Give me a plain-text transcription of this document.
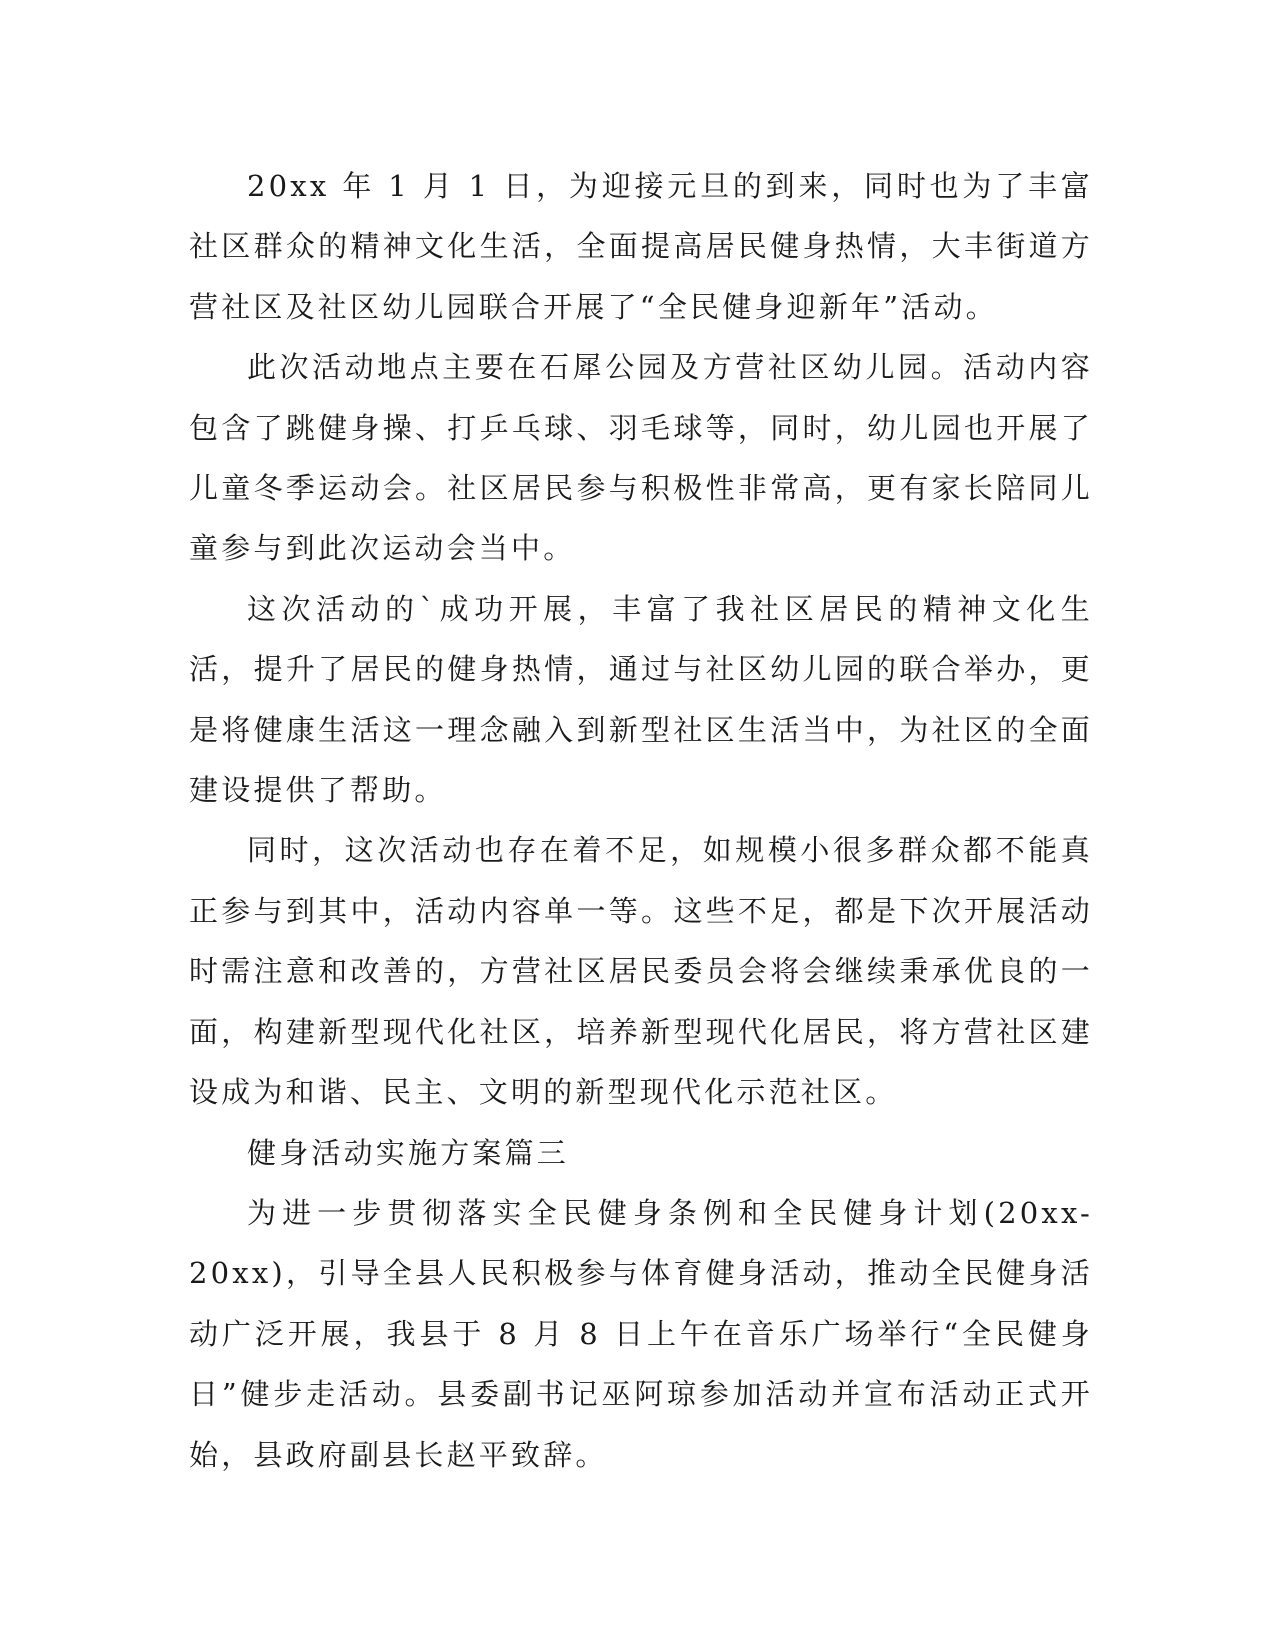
20xx 年 1 月 1 日，为迎接元旦的到来，同时也为了丰富社区群众的精神文化生活，全面提高居民健身热情，大丰街道方营社区及社区幼儿园联合开展了“全民健身迎新年”活动。

此次活动地点主要在石犀公园及方营社区幼儿园。活动内容包含了跳健身操、打乒乓球、羽毛球等，同时，幼儿园也开展了儿童冬季运动会。社区居民参与积极性非常高，更有家长陪同儿童参与到此次运动会当中。

这次活动的`成功开展，丰富了我社区居民的精神文化生活，提升了居民的健身热情，通过与社区幼儿园的联合举办，更是将健康生活这一理念融入到新型社区生活当中，为社区的全面建设提供了帮助。

同时，这次活动也存在着不足，如规模小很多群众都不能真正参与到其中，活动内容单一等。这些不足，都是下次开展活动时需注意和改善的，方营社区居民委员会将会继续秉承优良的一面，构建新型现代化社区，培养新型现代化居民，将方营社区建设成为和谐、民主、文明的新型现代化示范社区。

健身活动实施方案篇三

为进一步贯彻落实全民健身条例和全民健身计划(20xx-20xx)，引导全县人民积极参与体育健身活动，推动全民健身活动广泛开展，我县于 8 月 8 日上午在音乐广场举行“全民健身日”健步走活动。县委副书记巫阿琼参加活动并宣布活动正式开始，县政府副县长赵平致辞。
